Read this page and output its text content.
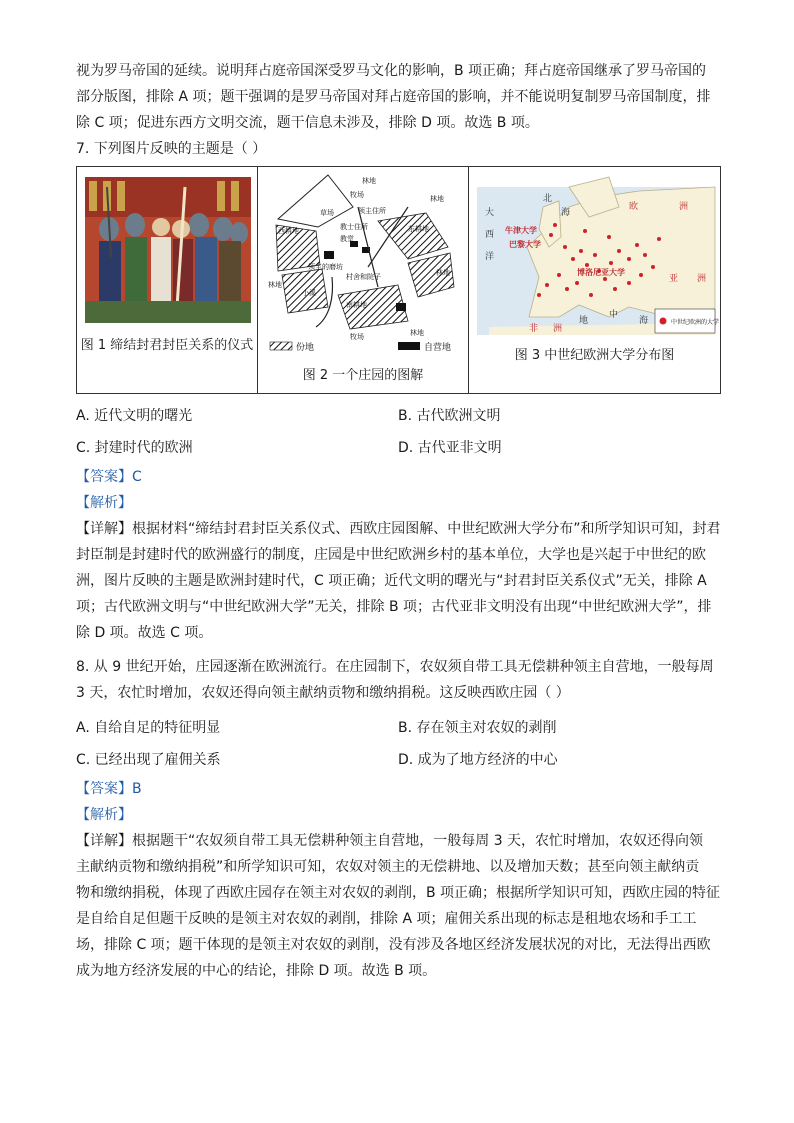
视为罗马帝国的延续。说明拜占庭帝国深受罗马文化的影响，B 项正确；拜占庭帝国继承了罗马帝国的

部分版图，排除 A 项；题干强调的是罗马帝国对拜占庭帝国的影响，并不能说明复制罗马帝国制度，排

除 C 项；促进东西方文明交流，题干信息未涉及，排除 D 项。故选 B 项。

7. 下列图片反映的主题是（ ）

图 1 缔结封君封臣关系的仪式

林地
牧场
草场	领主住所
教士住所
教堂
西耕地	东耕地
南耕地
领主的磨坊
村舍和院子
小溪
林地
林地
林地
牧场	林地
份地	自营地
图 2 一个庄园的图解

大
西
洋
北
海
地
中
海
欧	洲
亚 洲
非 洲
牛津大学
巴黎大学
博洛尼亚大学
中世纪欧洲的大学
图 3 中世纪欧洲大学分布图
A. 近代文明的曙光	B. 古代欧洲文明
C. 封建时代的欧洲	D. 古代亚非文明

【答案】C

【解析】

【详解】根据材料“缔结封君封臣关系仪式、西欧庄园图解、中世纪欧洲大学分布”和所学知识可知，封君

封臣制是封建时代的欧洲盛行的制度，庄园是中世纪欧洲乡村的基本单位，大学也是兴起于中世纪的欧

洲，图片反映的主题是欧洲封建时代，C 项正确；近代文明的曙光与“封君封臣关系仪式”无关，排除 A

项；古代欧洲文明与“中世纪欧洲大学”无关，排除 B 项；古代亚非文明没有出现“中世纪欧洲大学”，排

除 D 项。故选 C 项。

8. 从 9 世纪开始，庄园逐渐在欧洲流行。在庄园制下，农奴须自带工具无偿耕种领主自营地，一般每周

3 天，农忙时增加，农奴还得向领主献纳贡物和缴纳捐税。这反映西欧庄园（ ）

A. 自给自足的特征明显	B. 存在领主对农奴的剥削
C. 已经出现了雇佣关系	D. 成为了地方经济的中心

【答案】B

【解析】

【详解】根据题干“农奴须自带工具无偿耕种领主自营地，一般每周 3 天，农忙时增加，农奴还得向领

主献纳贡物和缴纳捐税”和所学知识可知，农奴对领主的无偿耕地、以及增加天数；甚至向领主献纳贡

物和缴纳捐税，体现了西欧庄园存在领主对农奴的剥削，B 项正确；根据所学知识可知，西欧庄园的特征

是自给自足但题干反映的是领主对农奴的剥削，排除 A 项；雇佣关系出现的标志是租地农场和手工工

场，排除 C 项；题干体现的是领主对农奴的剥削，没有涉及各地区经济发展状况的对比，无法得出西欧

成为地方经济发展的中心的结论，排除 D 项。故选 B 项。
